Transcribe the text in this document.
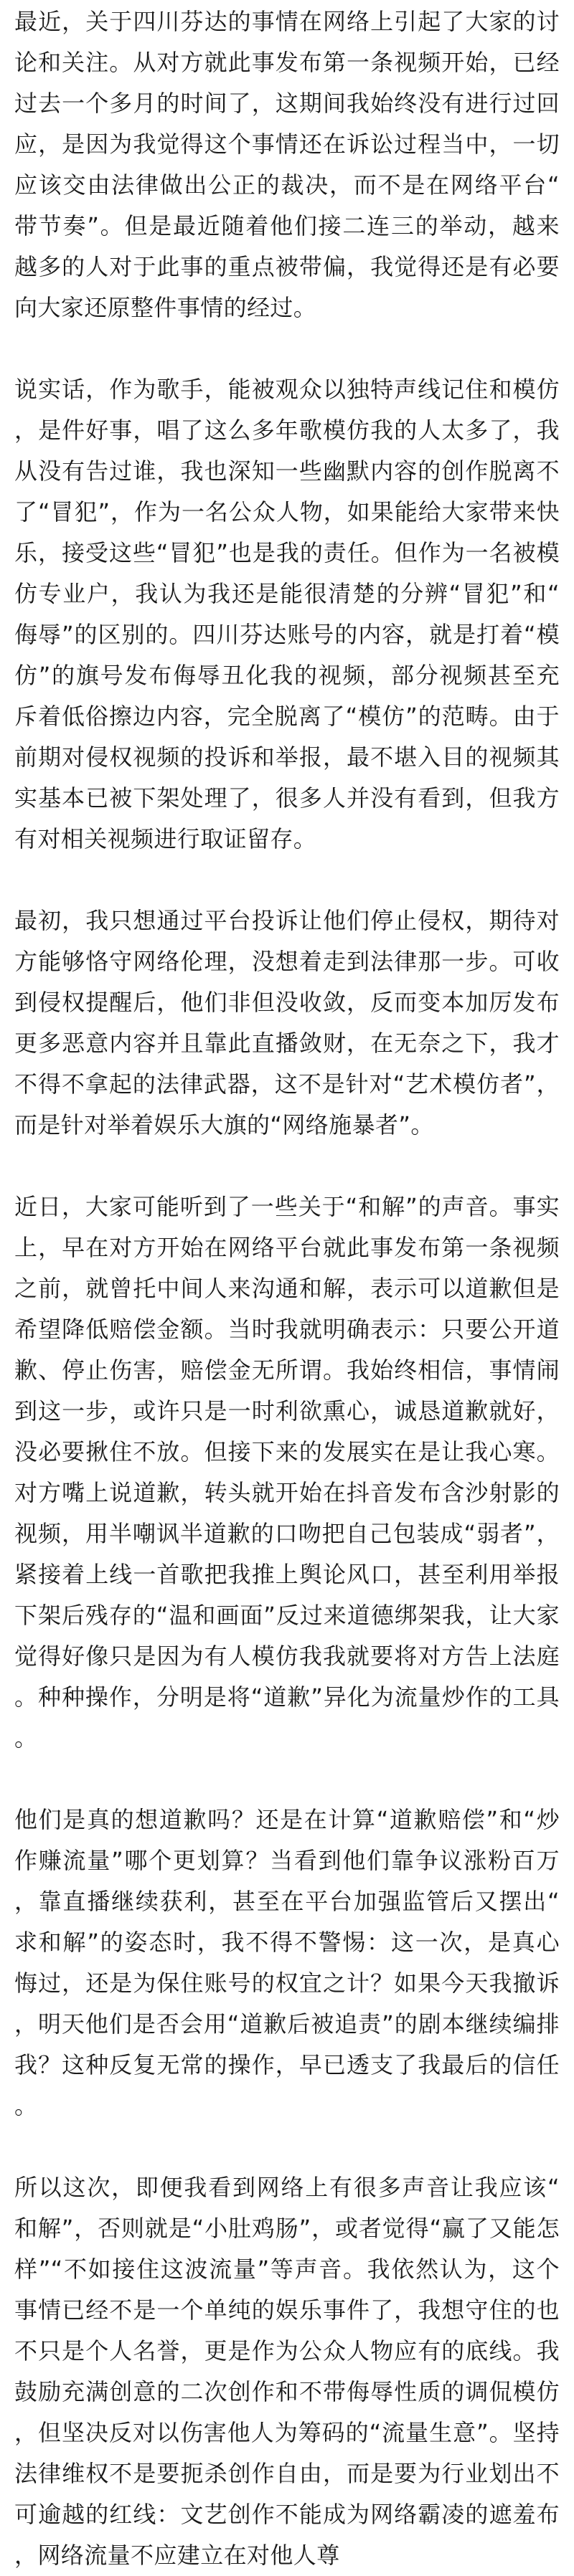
最近，关于四川芬达的事情在网络上引起了大家的讨论和关注。从对方就此事发布第一条视频开始，已经过去一个多月的时间了，这期间我始终没有进行过回应，是因为我觉得这个事情还在诉讼过程当中，一切应该交由法律做出公正的裁决，而不是在网络平台“带节奏”。但是最近随着他们接二连三的举动，越来越多的人对于此事的重点被带偏，我觉得还是有必要向大家还原整件事情的经过。

说实话，作为歌手，能被观众以独特声线记住和模仿，是件好事，唱了这么多年歌模仿我的人太多了，我从没有告过谁，我也深知一些幽默内容的创作脱离不了“冒犯”，作为一名公众人物，如果能给大家带来快乐，接受这些“冒犯”也是我的责任。但作为一名被模仿专业户，我认为我还是能很清楚的分辨“冒犯”和“侮辱”的区别的。四川芬达账号的内容，就是打着“模仿”的旗号发布侮辱丑化我的视频，部分视频甚至充斥着低俗擦边内容，完全脱离了“模仿”的范畴。由于前期对侵权视频的投诉和举报，最不堪入目的视频其实基本已被下架处理了，很多人并没有看到，但我方有对相关视频进行取证留存。

最初，我只想通过平台投诉让他们停止侵权，期待对方能够恪守网络伦理，没想着走到法律那一步。可收到侵权提醒后，他们非但没收敛，反而变本加厉发布更多恶意内容并且靠此直播敛财，在无奈之下，我才不得不拿起的法律武器，这不是针对“艺术模仿者”，而是针对举着娱乐大旗的“网络施暴者”。

近日，大家可能听到了一些关于“和解”的声音。事实上，早在对方开始在网络平台就此事发布第一条视频之前，就曾托中间人来沟通和解，表示可以道歉但是希望降低赔偿金额。当时我就明确表示：只要公开道歉、停止伤害，赔偿金无所谓。我始终相信，事情闹到这一步，或许只是一时利欲熏心，诚恳道歉就好，没必要揪住不放。但接下来的发展实在是让我心寒。对方嘴上说道歉，转头就开始在抖音发布含沙射影的视频，用半嘲讽半道歉的口吻把自己包装成“弱者”，紧接着上线一首歌把我推上舆论风口，甚至利用举报下架后残存的“温和画面”反过来道德绑架我，让大家觉得好像只是因为有人模仿我我就要将对方告上法庭。种种操作，分明是将“道歉”异化为流量炒作的工具。

他们是真的想道歉吗？还是在计算“道歉赔偿”和“炒作赚流量”哪个更划算？当看到他们靠争议涨粉百万，靠直播继续获利，甚至在平台加强监管后又摆出“求和解”的姿态时，我不得不警惕：这一次，是真心悔过，还是为保住账号的权宜之计？如果今天我撤诉，明天他们是否会用“道歉后被追责”的剧本继续编排我？这种反复无常的操作，早已透支了我最后的信任。

所以这次，即便我看到网络上有很多声音让我应该“和解”，否则就是“小肚鸡肠”，或者觉得“赢了又能怎样”“不如接住这波流量”等声音。我依然认为，这个事情已经不是一个单纯的娱乐事件了，我想守住的也不只是个人名誉，更是作为公众人物应有的底线。我鼓励充满创意的二次创作和不带侮辱性质的调侃模仿，但坚决反对以伤害他人为筹码的“流量生意”。坚持法律维权不是要扼杀创作自由，而是要为行业划出不可逾越的红线：文艺创作不能成为网络霸凌的遮羞布，网络流量不应建立在对他人尊
